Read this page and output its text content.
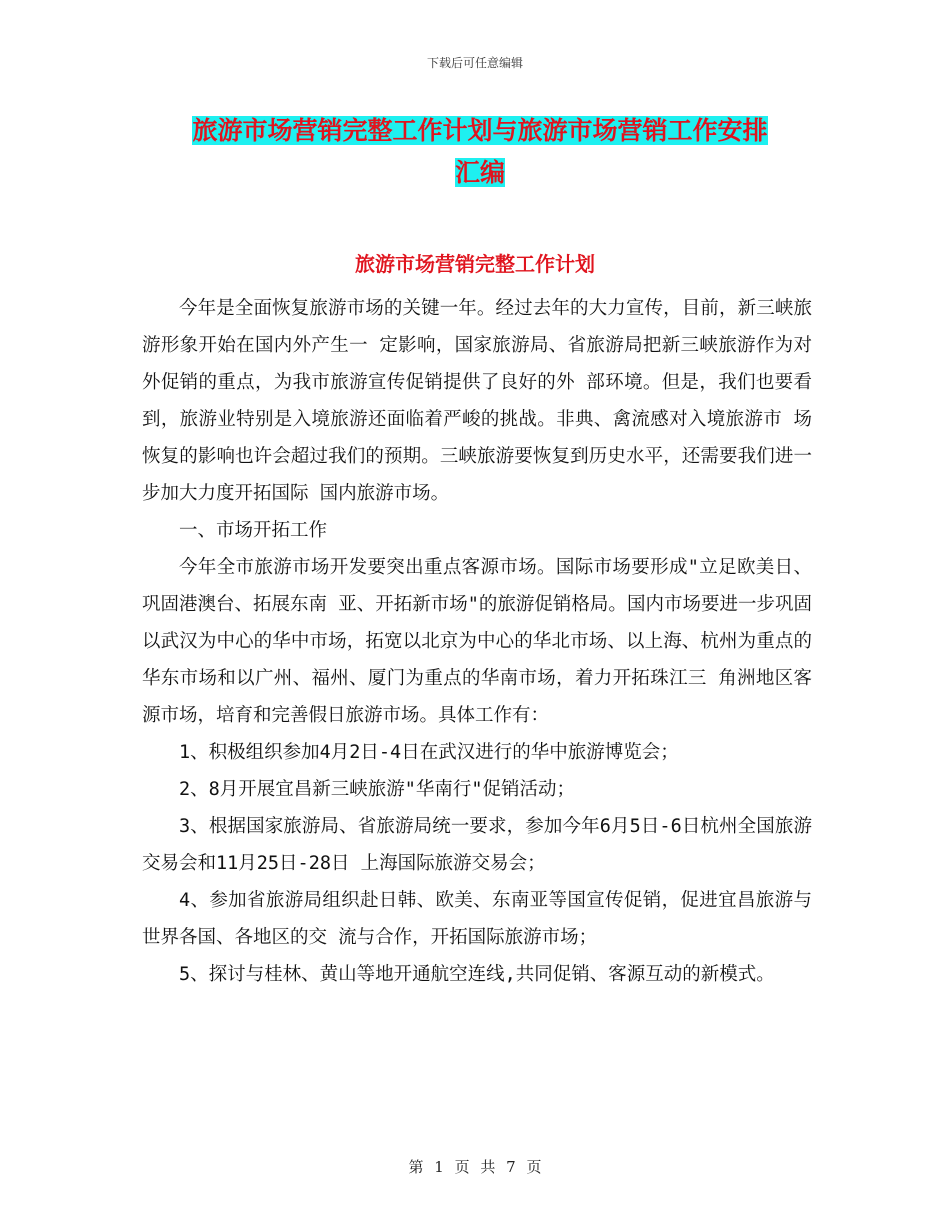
下载后可任意编辑
旅游市场营销完整工作计划与旅游市场营销工作安排
汇编
旅游市场营销完整工作计划

今年是全面恢复旅游市场的关键一年。经过去年的大力宣传，目前，新三峡旅游形象开始在国内外产生一 定影响，国家旅游局、省旅游局把新三峡旅游作为对外促销的重点，为我市旅游宣传促销提供了良好的外 部环境。但是，我们也要看到，旅游业特别是入境旅游还面临着严峻的挑战。非典、禽流感对入境旅游市 场恢复的影响也许会超过我们的预期。三峡旅游要恢复到历史水平，还需要我们进一步加大力度开拓国际 国内旅游市场。

一、市场开拓工作

今年全市旅游市场开发要突出重点客源市场。国际市场要形成"立足欧美日、巩固港澳台、拓展东南 亚、开拓新市场"的旅游促销格局。国内市场要进一步巩固以武汉为中心的华中市场，拓宽以北京为中心的华北市场、以上海、杭州为重点的华东市场和以广州、福州、厦门为重点的华南市场，着力开拓珠江三 角洲地区客源市场，培育和完善假日旅游市场。具体工作有：

1、积极组织参加4月2日-4日在武汉进行的华中旅游博览会；

2、8月开展宜昌新三峡旅游"华南行"促销活动；

3、根据国家旅游局、省旅游局统一要求，参加今年6月5日-6日杭州全国旅游交易会和11月25日-28日 上海国际旅游交易会；

4、参加省旅游局组织赴日韩、欧美、东南亚等国宣传促销，促进宜昌旅游与世界各国、各地区的交 流与合作，开拓国际旅游市场；

5、探讨与桂林、黄山等地开通航空连线,共同促销、客源互动的新模式。

第 1 页 共 7 页
